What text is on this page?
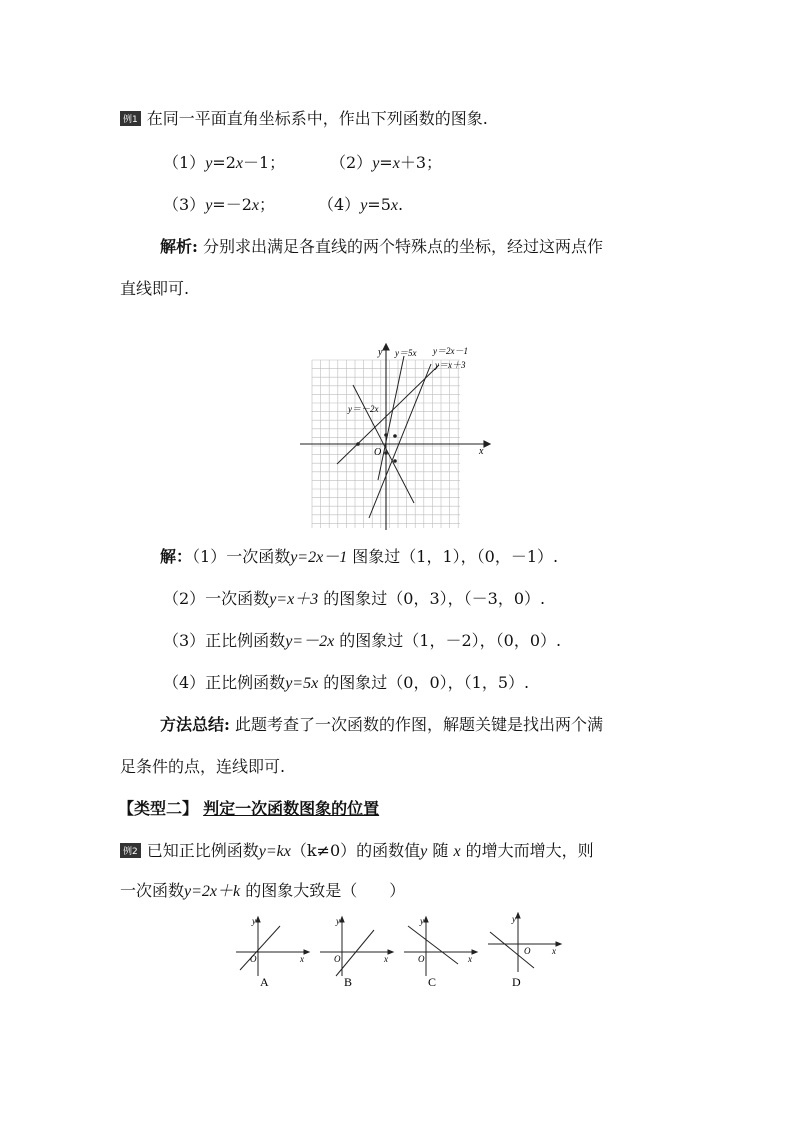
例1 在同一平面直角坐标系中，作出下列函数的图象.
（1）y=2x－1；	（2）y=x＋3；
（3）y=－2x；	（4）y=5x.
解析: 分别求出满足各直线的两个特殊点的坐标，经过这两点作
直线即可.
y＝5x y＝2x－1
y＝x＋3
y＝－2x
x
y
O
解：（1）一次函数y=2x－1 图象过（1，1），（0，－1）.
（2）一次函数y=x＋3 的图象过（0，3），（－3，0）.
（3）正比例函数y=－2x 的图象过（1，－2），（0，0）.
（4）正比例函数y=5x 的图象过（0，0），（1，5）.
方法总结: 此题考查了一次函数的作图，解题关键是找出两个满
足条件的点，连线即可.
【类型二】 判定一次函数图象的位置
例2 已知正比例函数y=kx（k≠0）的函数值y 随 x 的增大而增大，则
一次函数y=2x＋k 的图象大致是（　　）
y
x
O
A
y
x
O
B
y
x
O
C
y
x
O
D
